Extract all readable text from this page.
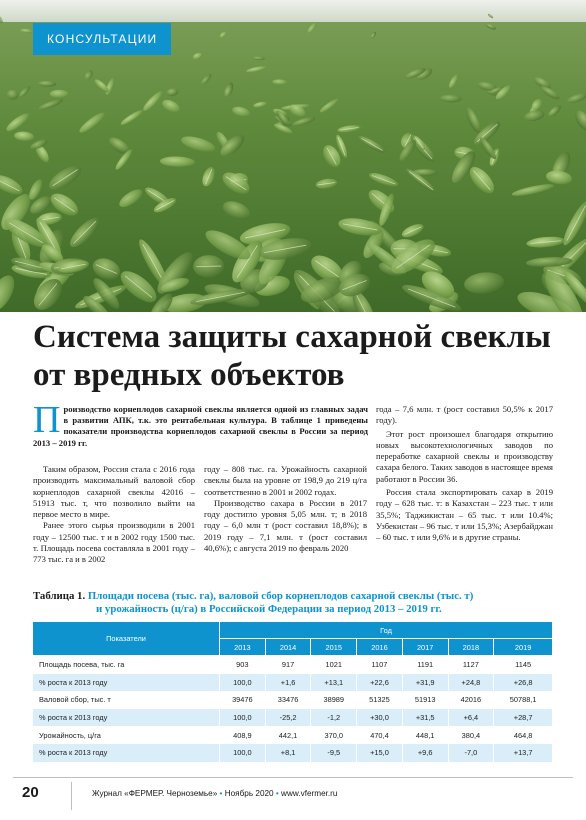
КОНСУЛЬТАЦИИ
Система защиты сахарной свеклы
от вредных объектов
П роизводство корнеплодов сахарной свеклы является одной из главных задач в развитии АПК, т.к. это рентабельная культура. В таблице 1 приведены показатели производства корнеплодов сахарной свеклы в России за период 2013 – 2019 гг.

Таким образом, Россия стала с 2016 года производить максимальный валовой сбор корнеплодов сахарной свеклы 42016 – 51913 тыс. т, что позволило выйти на первое место в мире.

Ранее этого сырья производили в 2001 году – 12500 тыс. т и в 2002 году 1500 тыс. т. Площадь посева составляла в 2001 году – 773 тыс. га и в 2002

году – 808 тыс. га. Урожайность сахарной свеклы была на уровне от 198,9 до 219 ц/га соответственно в 2001 и 2002 годах.

Производство сахара в России в 2017 году достигло уровня 5,05 млн. т; в 2018 году – 6,0 млн т (рост составил 18,8%); в 2019 году – 7,1 млн. т (рост составил 40,6%); с августа 2019 по февраль 2020

года – 7,6 млн. т (рост составил 50,5% к 2017 году).

Этот рост произошел благодаря открытию новых высокотехнологичных заводов по переработке сахарной свеклы и производству сахара белого. Таких заводов в настоящее время работают в России 36.

Россия стала экспортировать сахар в 2019 году – 628 тыс. т: в Казахстан – 223 тыс. т или 35,5%; Таджикистан – 65 тыс. т или 10.4%; Узбекистан – 96 тыс. т или 15,3%; Азербайджан – 60 тыс. т или 9,6% и в другие страны.

Таблица 1. Площади посева (тыс. га), валовой сбор корнеплодов сахарной свеклы (тыс. т)
и урожайность (ц/га) в Российской Федерации за период 2013 – 2019 гг.
Показатели	Год						
	2013	2014	2015	2016	2017	2018	2019
Площадь посева, тыс. га	903	917	1021	1107	1191	1127	1145
% роста к 2013 году	100,0	+1,6	+13,1	+22,6	+31,9	+24,8	+26,8
Валовой сбор, тыс. т	39476	33476	38989	51325	51913	42016	50788,1
% роста к 2013 году	100,0	-25,2	-1,2	+30,0	+31,5	+6,4	+28,7
Урожайность, ц/га	408,9	442,1	370,0	470,4	448,1	380,4	464,8
% роста к 2013 году	100,0	+8,1	-9,5	+15,0	+9,6	-7,0	+13,7
20	Журнал «ФЕРМЕР. Черноземье» • Ноябрь 2020 • www.vfermer.ru
